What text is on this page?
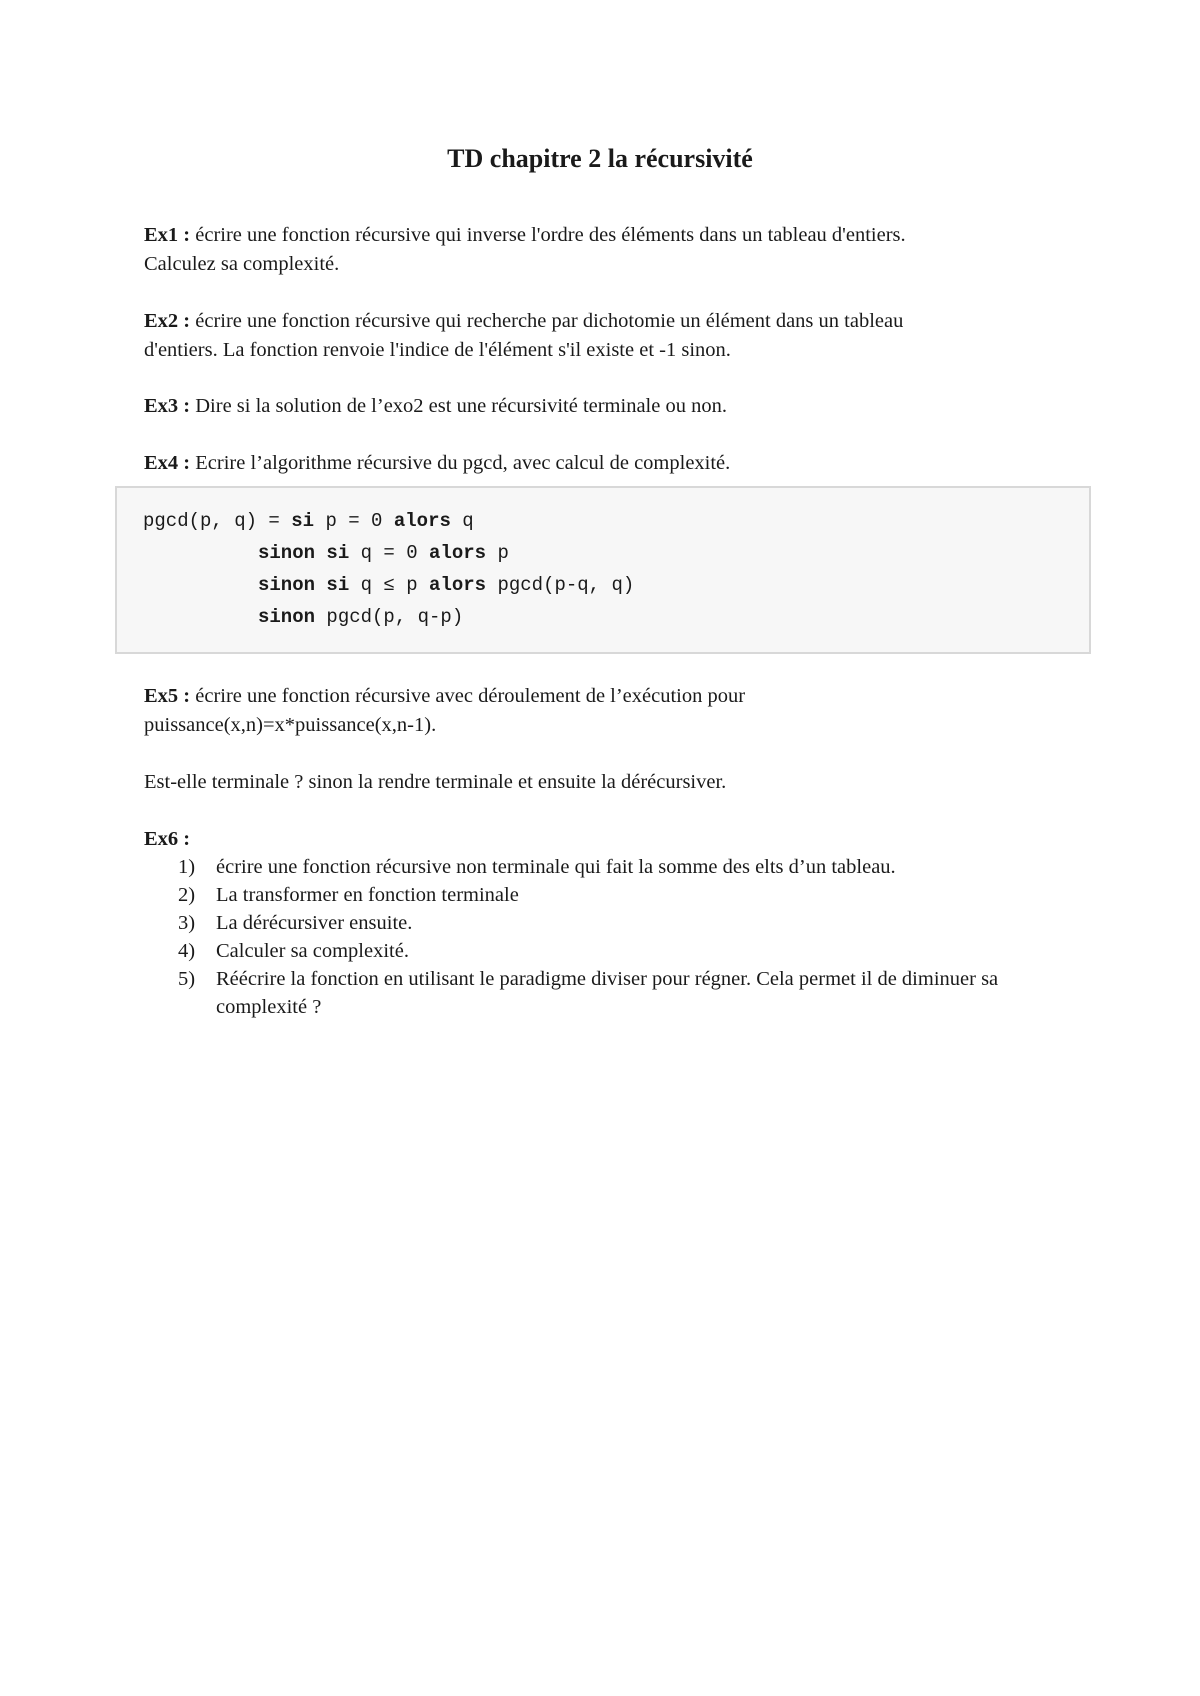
TD chapitre 2 la récursivité
Ex1 : écrire une fonction récursive qui inverse l'ordre des éléments dans un tableau d'entiers.
Calculez sa complexité.
Ex2 : écrire une fonction récursive qui recherche par dichotomie un élément dans un tableau
d'entiers. La fonction renvoie l'indice de l'élément s'il existe et -1 sinon.
Ex3 : Dire si la solution de l’exo2 est une récursivité terminale ou non.
Ex4 : Ecrire l’algorithme récursive du pgcd, avec calcul de complexité.
pgcd(p, q) = si p = 0 alors q
sinon si q = 0 alors p
sinon si q ≤ p alors pgcd(p-q, q)
sinon pgcd(p, q-p)
Ex5 : écrire une fonction récursive avec déroulement de l’exécution pour
puissance(x,n)=x*puissance(x,n-1).
Est-elle terminale ? sinon la rendre terminale et ensuite la dérécursiver.
Ex6 :
1) écrire une fonction récursive non terminale qui fait la somme des elts d’un tableau.
2) La transformer en fonction terminale
3) La dérécursiver ensuite.
4) Calculer sa complexité.
5) Réécrire la fonction en utilisant le paradigme diviser pour régner. Cela permet il de diminuer sa complexité ?
